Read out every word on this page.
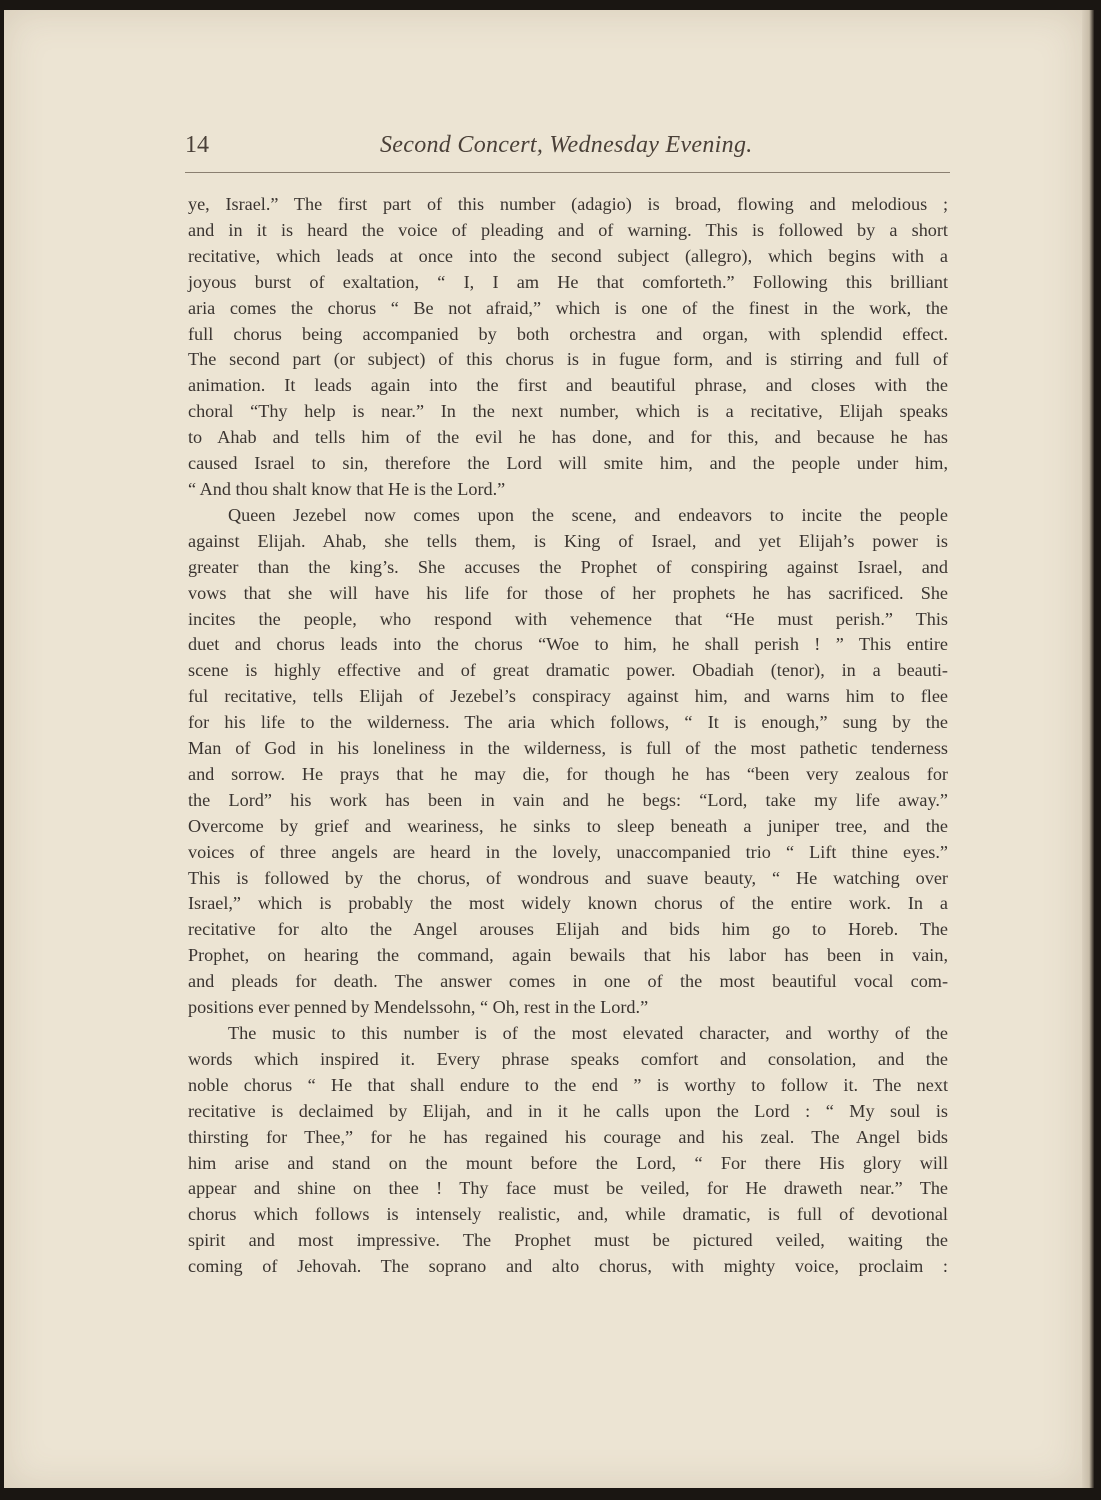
14	Second Concert, Wednesday Evening.
ye, Israel.” The first part of this number (adagio) is broad, flowing and melodious ;
and in it is heard the voice of pleading and of warning. This is followed by a short
recitative, which leads at once into the second subject (allegro), which begins with a
joyous burst of exaltation, “ I, I am He that comforteth.” Following this brilliant
aria comes the chorus “ Be not afraid,” which is one of the finest in the work, the
full chorus being accompanied by both orchestra and organ, with splendid effect.
The second part (or subject) of this chorus is in fugue form, and is stirring and full of
animation. It leads again into the first and beautiful phrase, and closes with the
choral “Thy help is near.” In the next number, which is a recitative, Elijah speaks
to Ahab and tells him of the evil he has done, and for this, and because he has
caused Israel to sin, therefore the Lord will smite him, and the people under him,
“ And thou shalt know that He is the Lord.”
Queen Jezebel now comes upon the scene, and endeavors to incite the people
against Elijah. Ahab, she tells them, is King of Israel, and yet Elijah’s power is
greater than the king’s. She accuses the Prophet of conspiring against Israel, and
vows that she will have his life for those of her prophets he has sacrificed. She
incites the people, who respond with vehemence that “He must perish.” This
duet and chorus leads into the chorus “Woe to him, he shall perish ! ” This entire
scene is highly effective and of great dramatic power. Obadiah (tenor), in a beauti-
ful recitative, tells Elijah of Jezebel’s conspiracy against him, and warns him to flee
for his life to the wilderness. The aria which follows, “ It is enough,” sung by the
Man of God in his loneliness in the wilderness, is full of the most pathetic tenderness
and sorrow. He prays that he may die, for though he has “been very zealous for
the Lord” his work has been in vain and he begs: “Lord, take my life away.”
Overcome by grief and weariness, he sinks to sleep beneath a juniper tree, and the
voices of three angels are heard in the lovely, unaccompanied trio “ Lift thine eyes.”
This is followed by the chorus, of wondrous and suave beauty, “ He watching over
Israel,” which is probably the most widely known chorus of the entire work. In a
recitative for alto the Angel arouses Elijah and bids him go to Horeb. The
Prophet, on hearing the command, again bewails that his labor has been in vain,
and pleads for death. The answer comes in one of the most beautiful vocal com-
positions ever penned by Mendelssohn, “ Oh, rest in the Lord.”
The music to this number is of the most elevated character, and worthy of the
words which inspired it. Every phrase speaks comfort and consolation, and the
noble chorus “ He that shall endure to the end ” is worthy to follow it. The next
recitative is declaimed by Elijah, and in it he calls upon the Lord : “ My soul is
thirsting for Thee,” for he has regained his courage and his zeal. The Angel bids
him arise and stand on the mount before the Lord, “ For there His glory will
appear and shine on thee ! Thy face must be veiled, for He draweth near.” The
chorus which follows is intensely realistic, and, while dramatic, is full of devotional
spirit and most impressive. The Prophet must be pictured veiled, waiting the
coming of Jehovah. The soprano and alto chorus, with mighty voice, proclaim :
